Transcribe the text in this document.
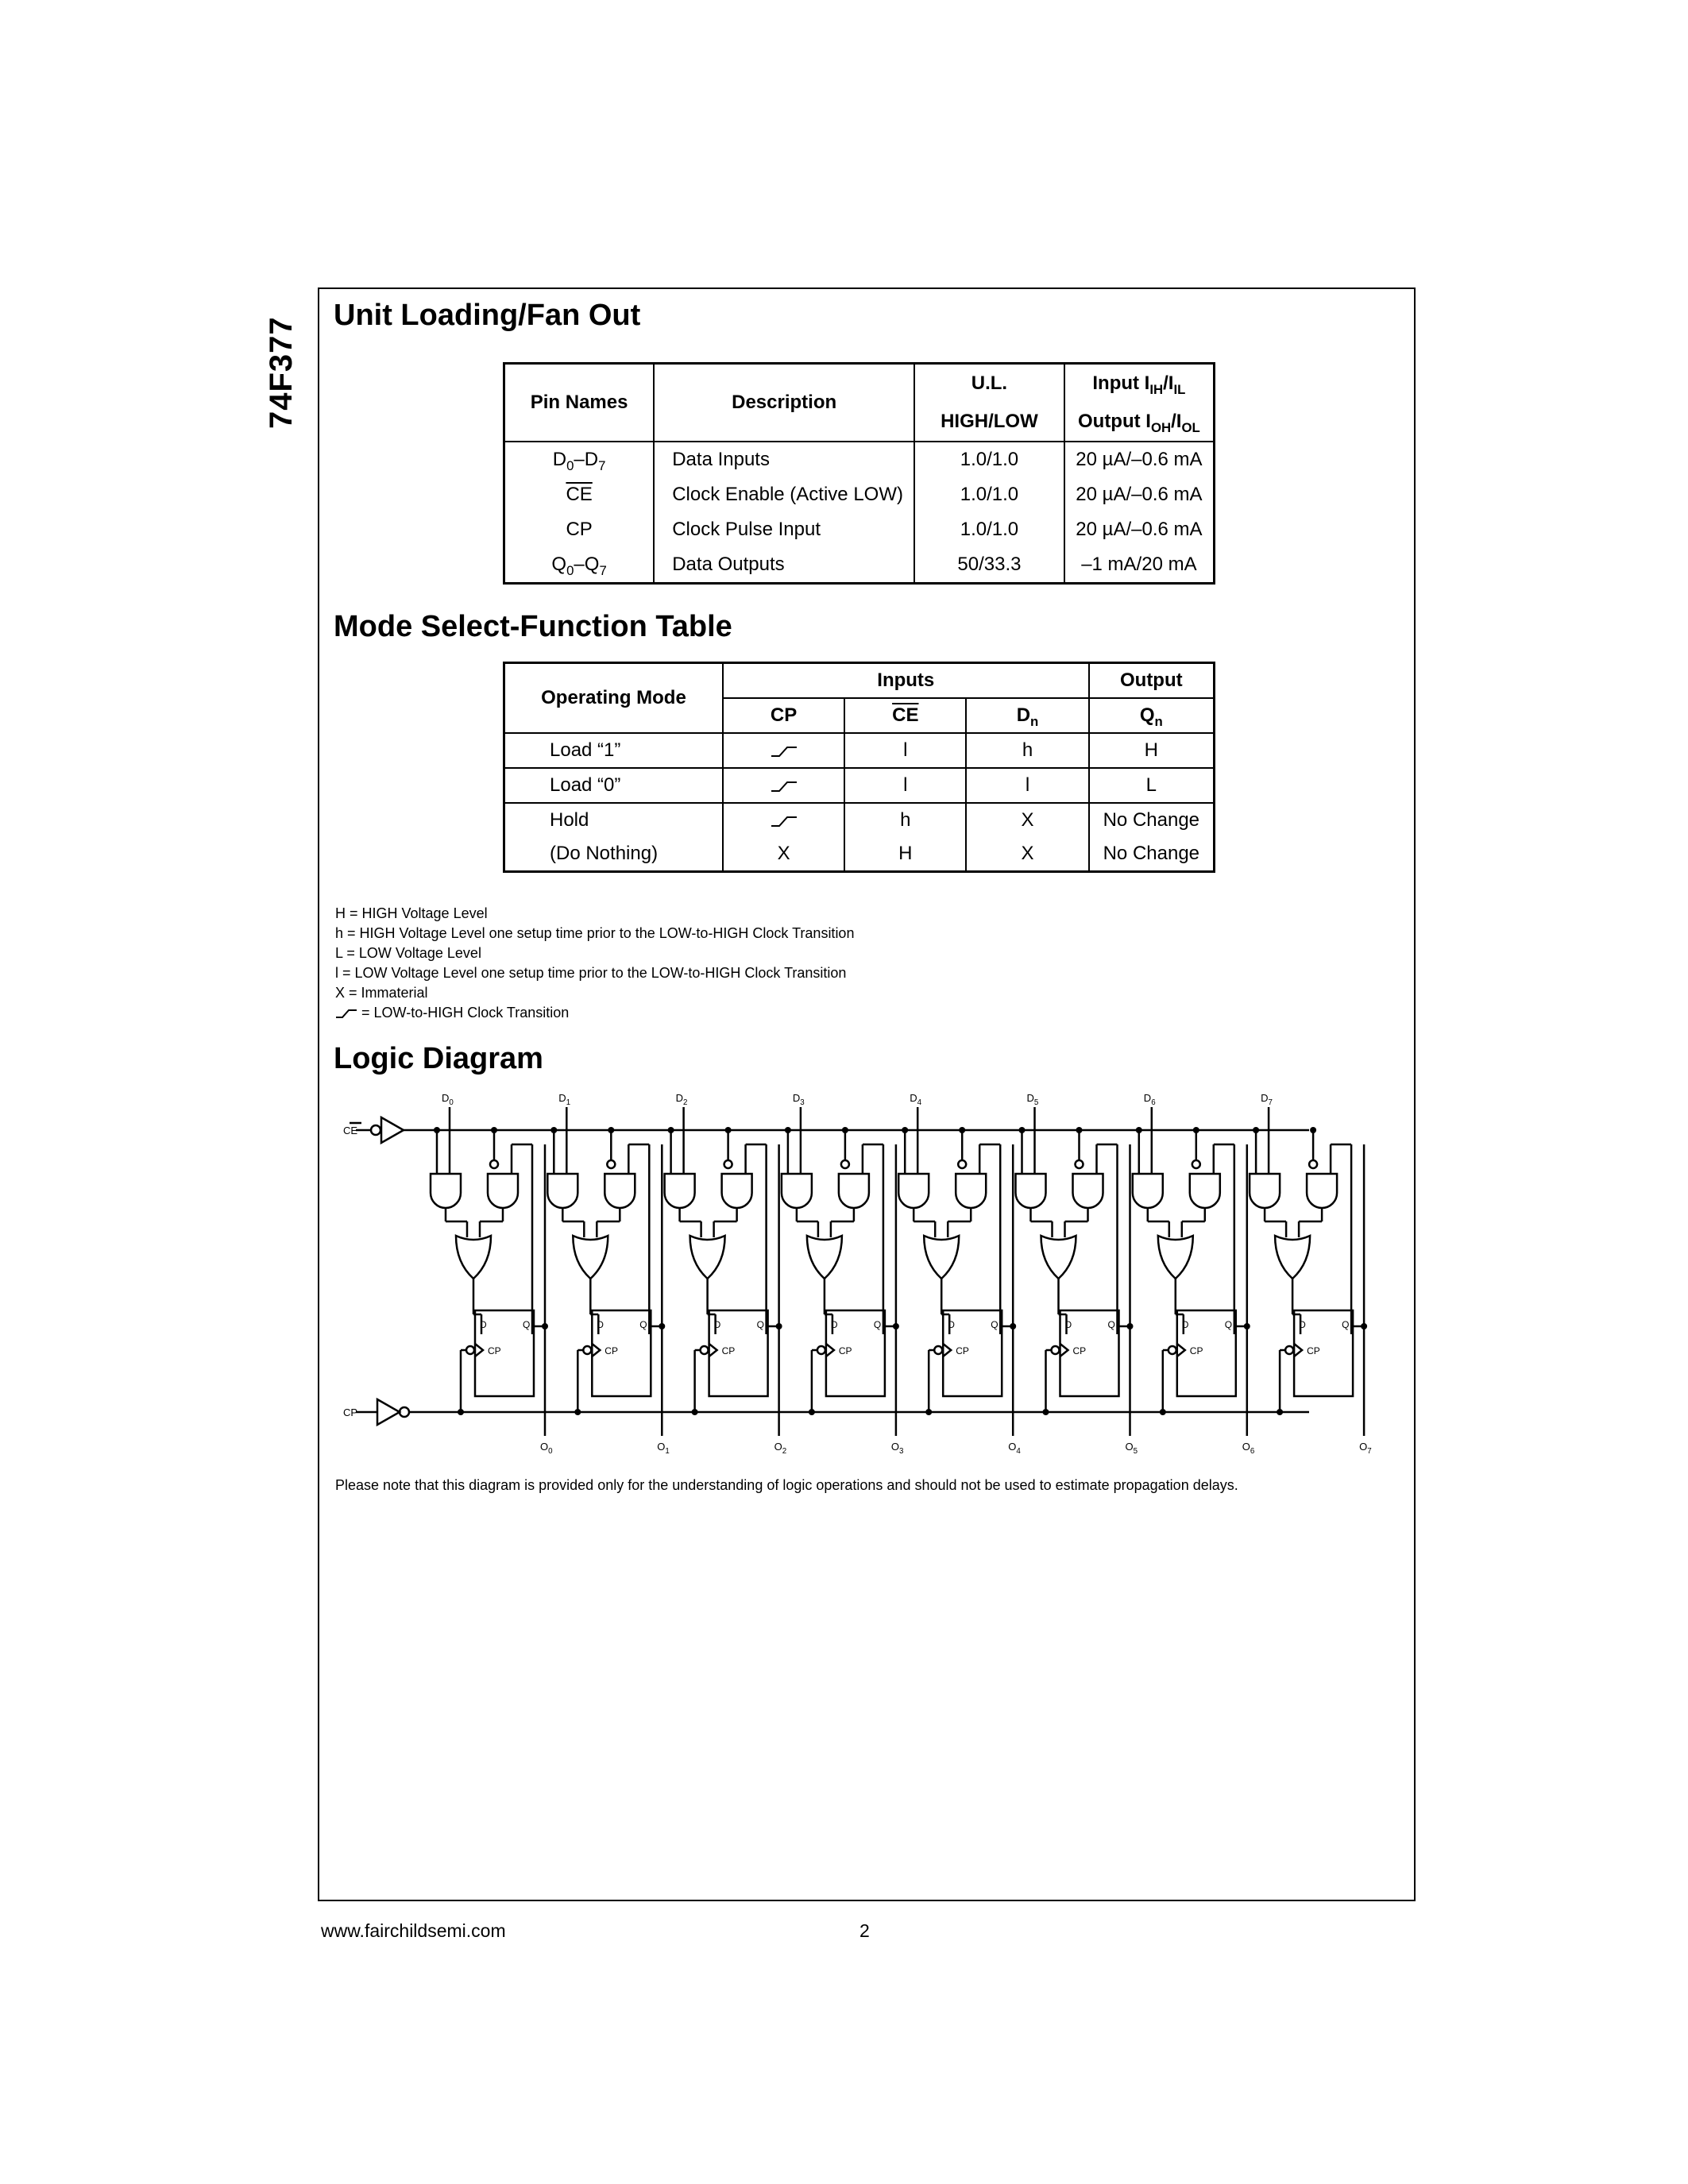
74F377
Unit Loading/Fan Out
Mode Select-Function Table
Logic Diagram
Pin Names	Description	U.L.	Input $I_{IH}/I_{IL}$
		HIGH/LOW	Output $I_{OH}/I_{OL}$
$D_0-D_7$	Data Inputs	1.0/1.0	20 µA/–0.6 mA
$\overline{CE}$	Clock Enable (Active LOW)	1.0/1.0	20 µA/–0.6 mA
CP	Clock Pulse Input	1.0/1.0	20 µA/–0.6 mA
$Q_0-Q_7$	Data Outputs	50/33.3	–1 mA/20 mA
Operating Mode	Inputs			Output
	CP	$\overline{CE}$	$D_n$	$Q_n$
Load “1”		l	h	H
Load “0”		l	l	L
Hold		h	X	No Change
(Do Nothing)	X	H	X	No Change
H = HIGH Voltage Level
h = HIGH Voltage Level one setup time prior to the LOW-to-HIGH Clock Transition
L = LOW Voltage Level
l = LOW Voltage Level one setup time prior to the LOW-to-HIGH Clock Transition
X = Immaterial
= LOW-to-HIGH Clock Transition
CE
CP
$D_0$
D	Q
CP
$O_0$
$D_1$
D	Q
CP
$O_1$
$D_2$
D	Q
CP
$O_2$
$D_3$
D	Q
CP
$O_3$
$D_4$
D	Q
CP
$O_4$
$D_5$
D	Q
CP
$O_5$
$D_6$
D	Q
CP
$O_6$
$D_7$
D	Q
CP
$O_7$
Please note that this diagram is provided only for the understanding of logic operations and should not be used to estimate propagation delays.
www.fairchildsemi.com	2
